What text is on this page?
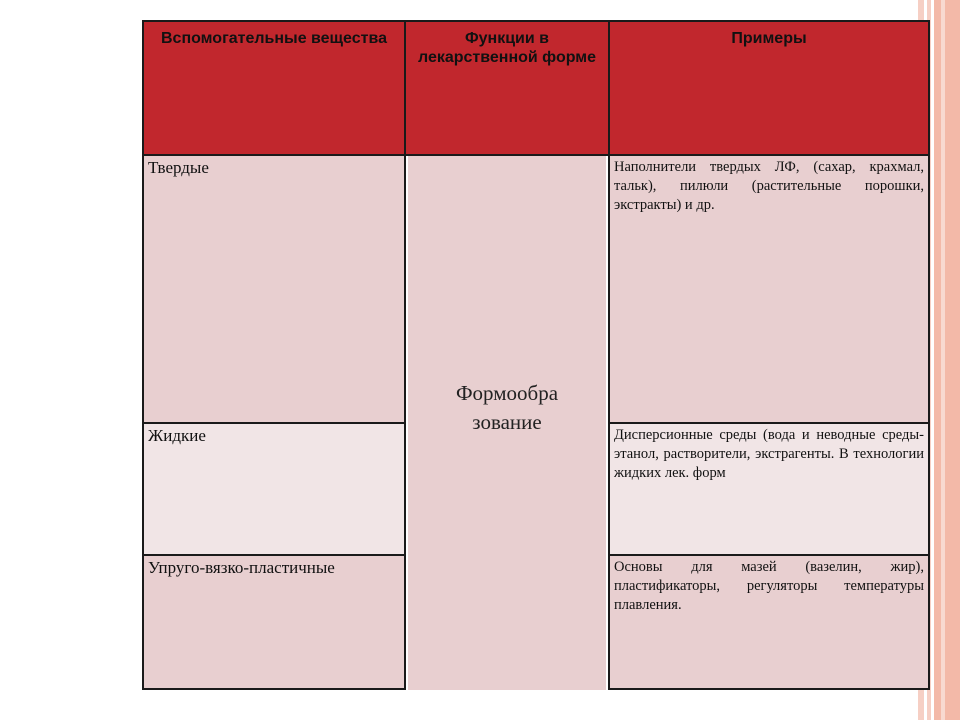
Вспомогательные вещества	Функции в лекарственной форме
Примеры
Твердые
Жидкие
Упруго-вязко-пластичные
Формообра зование
Наполнители твердых ЛФ, (сахар, крахмал, тальк), пилюли (растительные порошки, экстракты) и др.
Дисперсионные среды (вода и неводные среды-этанол, растворители, экстрагенты. В технологии жидких лек. форм
Основы для мазей (вазелин, жир), пластификаторы, регуляторы температуры плавления.
